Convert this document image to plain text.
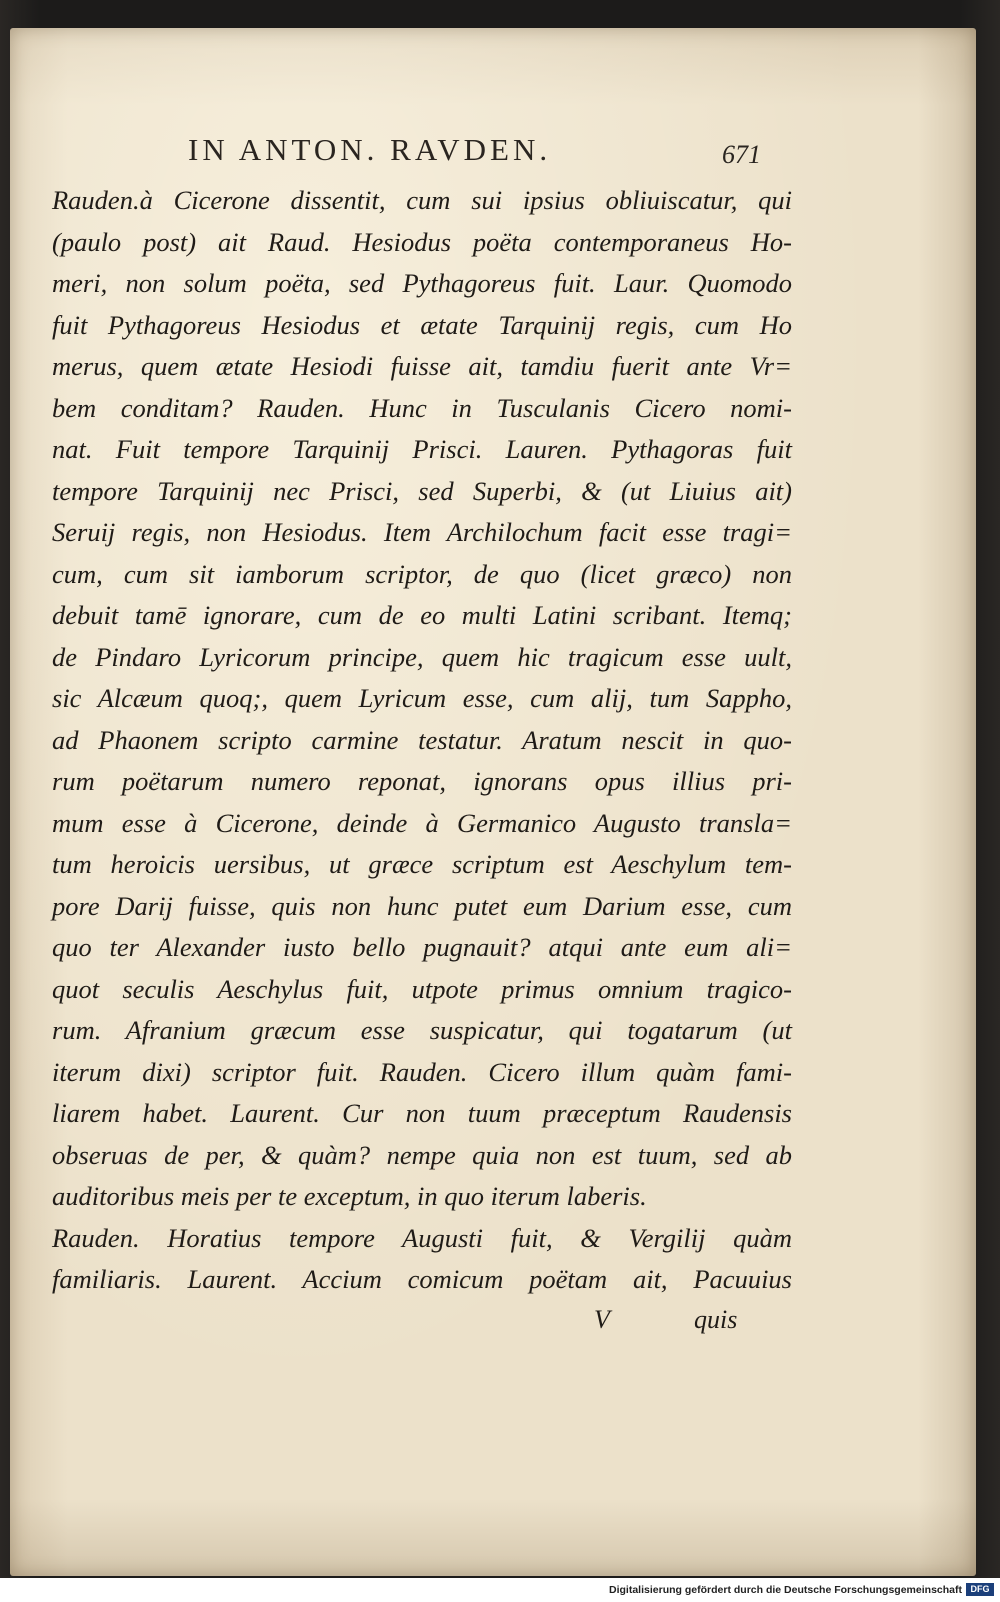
IN ANTON. RAVDEN.	671
Rauden.à Cicerone dissentit, cum sui ipsius obliuiscatur, qui
(paulo post) ait Raud. Hesiodus poëta contemporaneus Ho-
meri, non solum poëta, sed Pythagoreus fuit. Laur. Quomodo
fuit Pythagoreus Hesiodus et ætate Tarquinij regis, cum Ho
merus, quem ætate Hesiodi fuisse ait, tamdiu fuerit ante Vr=
bem conditam? Rauden. Hunc in Tusculanis Cicero nomi-
nat. Fuit tempore Tarquinij Prisci. Lauren. Pythagoras fuit
tempore Tarquinij nec Prisci, sed Superbi, & (ut Liuius ait)
Seruij regis, non Hesiodus. Item Archilochum facit esse tragi=
cum, cum sit iamborum scriptor, de quo (licet græco) non
debuit tamē ignorare, cum de eo multi Latini scribant. Itemq;
de Pindaro Lyricorum principe, quem hic tragicum esse uult,
sic Alcæum quoq;, quem Lyricum esse, cum alij, tum Sappho,
ad Phaonem scripto carmine testatur. Aratum nescit in quo-
rum poëtarum numero reponat, ignorans opus illius pri-
mum esse à Cicerone, deinde à Germanico Augusto transla=
tum heroicis uersibus, ut græce scriptum est Aeschylum tem-
pore Darij fuisse, quis non hunc putet eum Darium esse, cum
quo ter Alexander iusto bello pugnauit? atqui ante eum ali=
quot seculis Aeschylus fuit, utpote primus omnium tragico-
rum. Afranium græcum esse suspicatur, qui togatarum (ut
iterum dixi) scriptor fuit. Rauden. Cicero illum quàm fami-
liarem habet. Laurent. Cur non tuum præceptum Raudensis
obseruas de per, & quàm? nempe quia non est tuum, sed ab
auditoribus meis per te exceptum, in quo iterum laberis.
Rauden. Horatius tempore Augusti fuit, & Vergilij quàm
familiaris. Laurent. Accium comicum poëtam ait, Pacuuius
V	quis
Digitalisierung gefördert durch die Deutsche Forschungsgemeinschaft DFG
